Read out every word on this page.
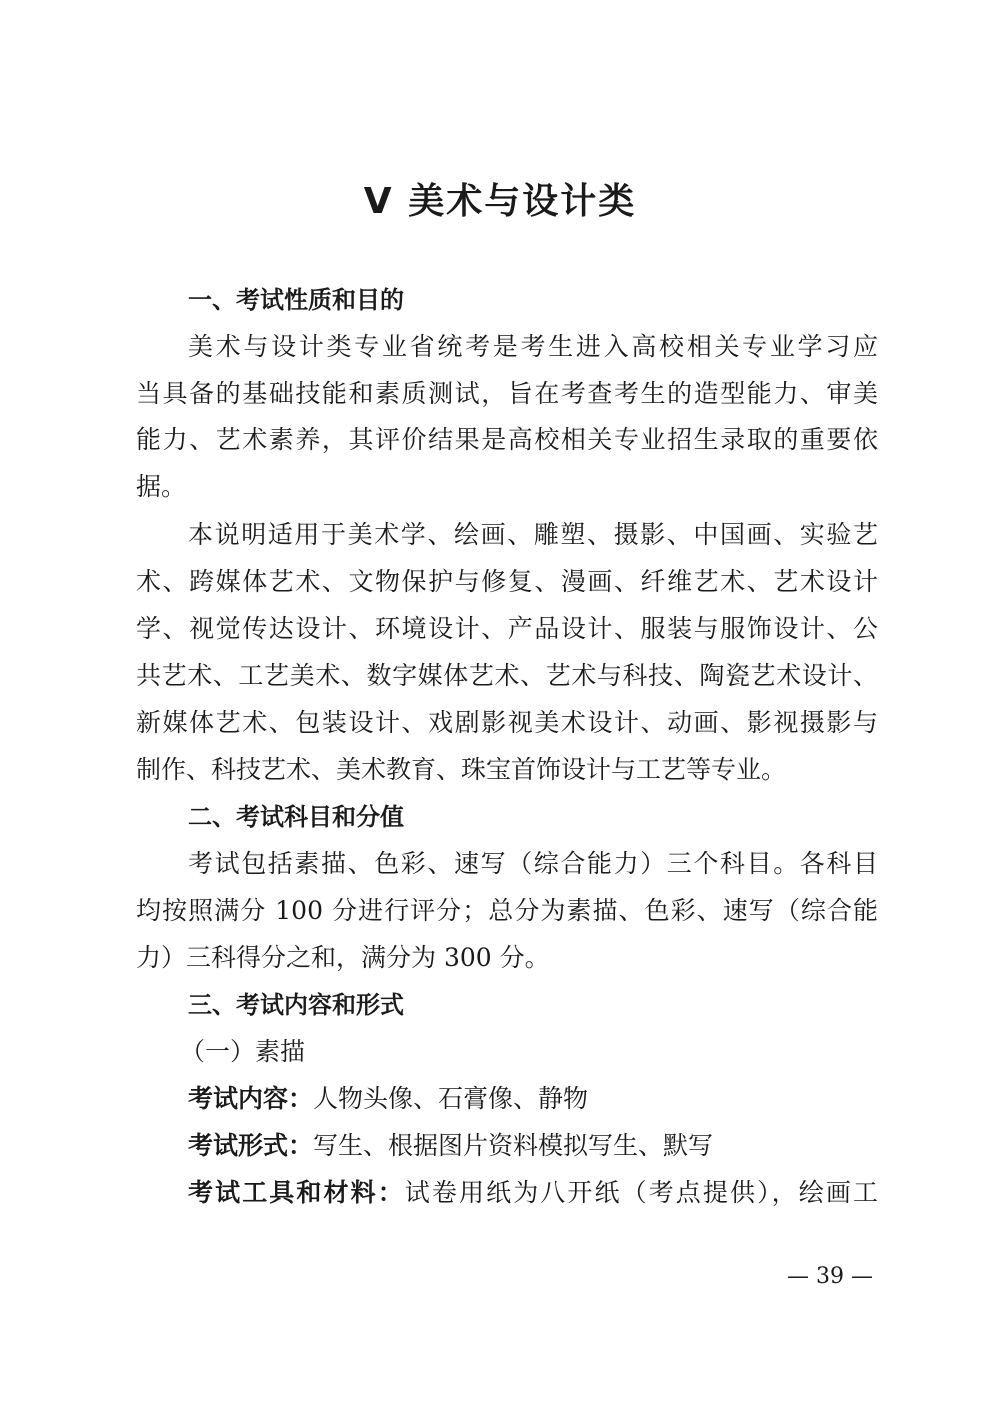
V 美术与设计类
一、考试性质和目的
美术与设计类专业省统考是考生进入高校相关专业学习应
当具备的基础技能和素质测试，旨在考查考生的造型能力、审美
能力、艺术素养，其评价结果是高校相关专业招生录取的重要依
据。
本说明适用于美术学、绘画、雕塑、摄影、中国画、实验艺
术、跨媒体艺术、文物保护与修复、漫画、纤维艺术、艺术设计
学、视觉传达设计、环境设计、产品设计、服装与服饰设计、公
共艺术、工艺美术、数字媒体艺术、艺术与科技、陶瓷艺术设计、
新媒体艺术、包装设计、戏剧影视美术设计、动画、影视摄影与
制作、科技艺术、美术教育、珠宝首饰设计与工艺等专业。
二、考试科目和分值
考试包括素描、色彩、速写（综合能力）三个科目。各科目
均按照满分 100 分进行评分；总分为素描、色彩、速写（综合能
力）三科得分之和，满分为 300 分。
三、考试内容和形式
（一）素描
考试内容：人物头像、石膏像、静物
考试形式：写生、根据图片资料模拟写生、默写
考试工具和材料：试卷用纸为八开纸（考点提供），绘画工
— 39 —
